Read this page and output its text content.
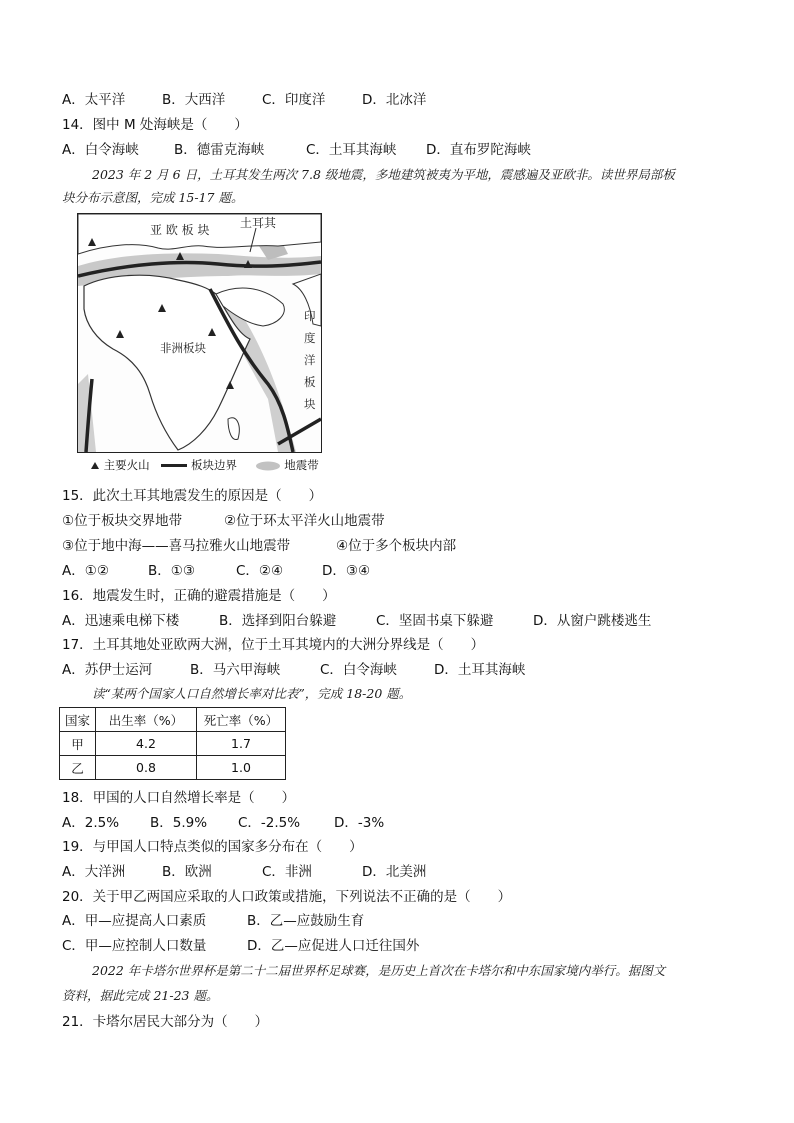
A．太平洋	B．大西洋	C．印度洋	D．北冰洋
14．图中 M 处海峡是（　　）
A．白令海峡	B．德雷克海峡	C．土耳其海峡 D．直布罗陀海峡
2023 年 2 月 6 日，土耳其发生两次 7.8 级地震，多地建筑被夷为平地，震感遍及亚欧非。读世界局部板
块分布示意图，完成 15-17 题。
亚 欧 板 块	土耳其
非洲板块
印
度
洋
板
块
主要火山	板块边界	地震带
15．此次土耳其地震发生的原因是（　　）
①位于板块交界地带	②位于环太平洋火山地震带
③位于地中海——喜马拉雅火山地震带	④位于多个板块内部
A．①②	B．①③	C．②④	D．③④
16．地震发生时，正确的避震措施是（　　）
A．迅速乘电梯下楼	B．选择到阳台躲避	C．坚固书桌下躲避	D．从窗户跳楼逃生
17．土耳其地处亚欧两大洲，位于土耳其境内的大洲分界线是（　　）
A．苏伊士运河	B．马六甲海峡	C．白令海峡	D．土耳其海峡
读“某两个国家人口自然增长率对比表”，完成 18-20 题。
国家	出生率（%）	死亡率（%）
甲	4.2	1.7
乙	0.8	1.0
18．甲国的人口自然增长率是（　　）
A．2.5% B．5.9% C．-2.5%	D．-3%
19．与甲国人口特点类似的国家多分布在（　　）
A．大洋洲	B．欧洲	C．非洲	D．北美洲
20．关于甲乙两国应采取的人口政策或措施，下列说法不正确的是（　　）
A．甲—应提高人口素质	B．乙—应鼓励生育
C．甲—应控制人口数量	D．乙—应促进人口迁往国外
2022 年卡塔尔世界杯是第二十二届世界杯足球赛，是历史上首次在卡塔尔和中东国家境内举行。据图文
资料，据此完成 21-23 题。
21．卡塔尔居民大部分为（　　）
